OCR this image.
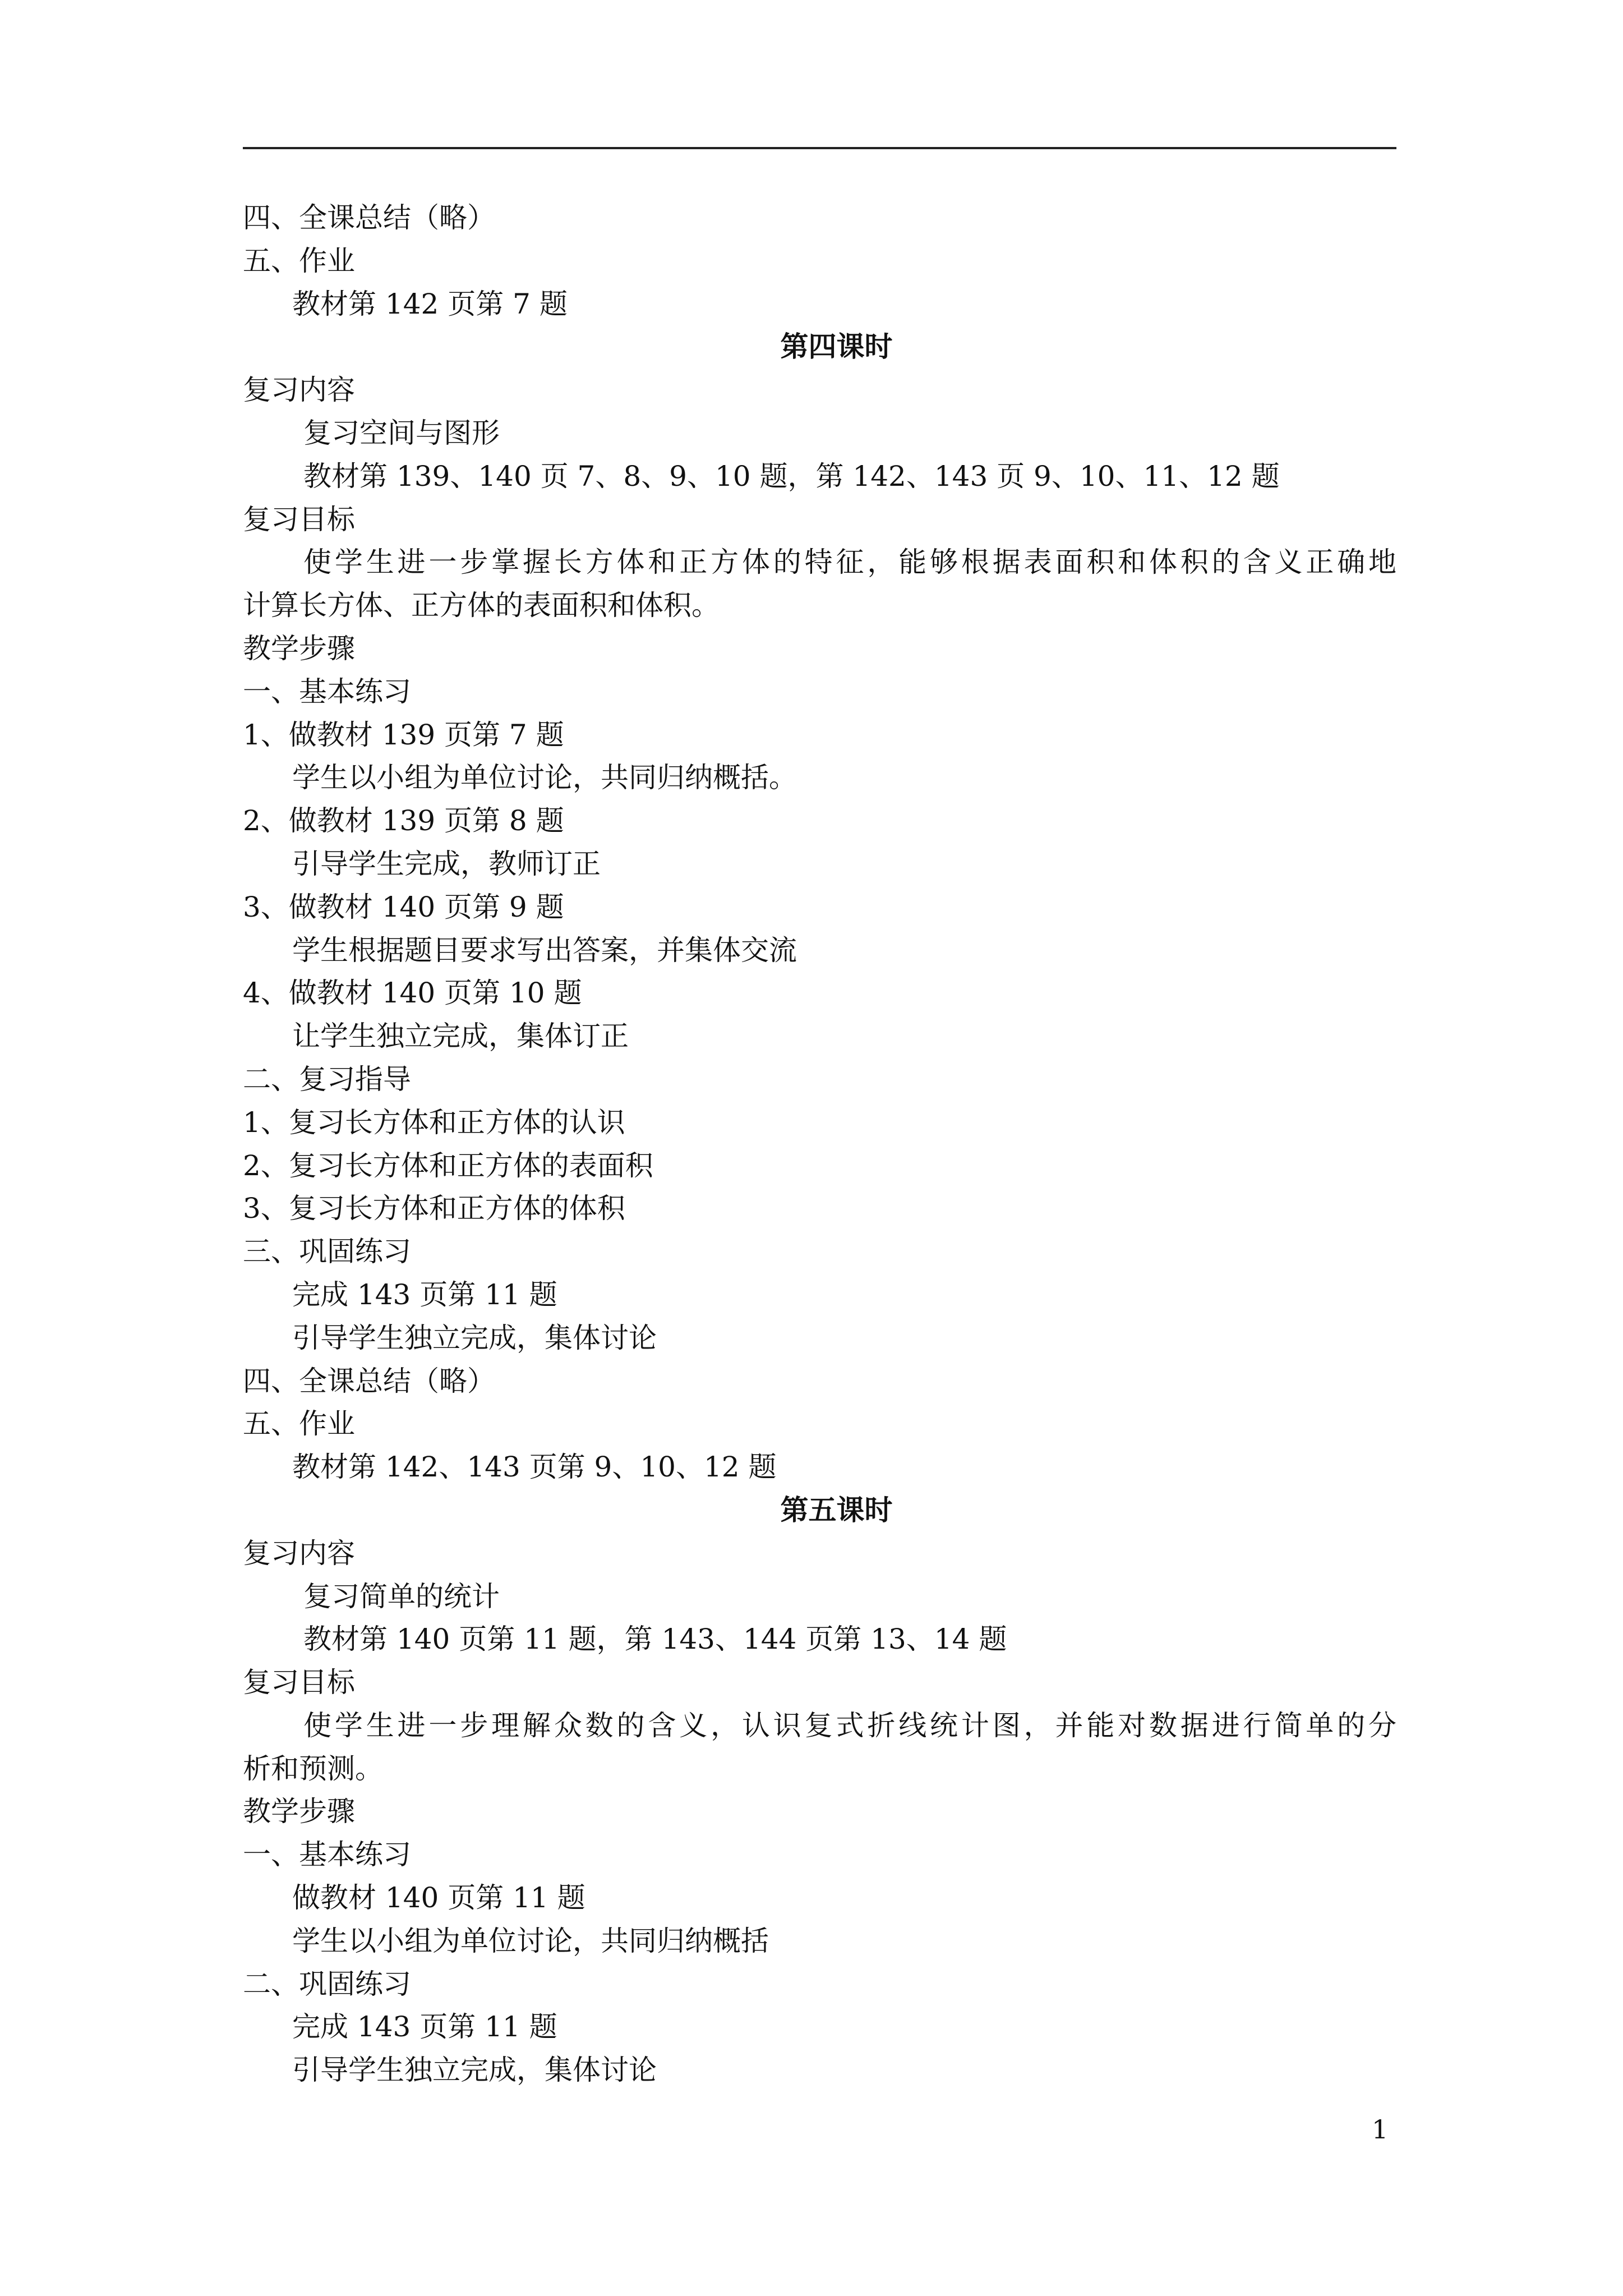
四、全课总结（略）
五、作业
教材第 142 页第 7 题
第四课时
复习内容
复习空间与图形
教材第 139、140 页 7、8、9、10 题，第 142、143 页 9、10、11、12 题
复习目标
使学生进一步掌握长方体和正方体的特征，能够根据表面积和体积的含义正确地
计算长方体、正方体的表面积和体积。
教学步骤
一、基本练习
1、做教材 139 页第 7 题
学生以小组为单位讨论，共同归纳概括。
2、做教材 139 页第 8 题
引导学生完成，教师订正
3、做教材 140 页第 9 题
学生根据题目要求写出答案，并集体交流
4、做教材 140 页第 10 题
让学生独立完成，集体订正
二、复习指导
1、复习长方体和正方体的认识
2、复习长方体和正方体的表面积
3、复习长方体和正方体的体积
三、巩固练习
完成 143 页第 11 题
引导学生独立完成，集体讨论
四、全课总结（略）
五、作业
教材第 142、143 页第 9、10、12 题
第五课时
复习内容
复习简单的统计
教材第 140 页第 11 题，第 143、144 页第 13、14 题
复习目标
使学生进一步理解众数的含义，认识复式折线统计图，并能对数据进行简单的分
析和预测。
教学步骤
一、基本练习
做教材 140 页第 11 题
学生以小组为单位讨论，共同归纳概括
二、巩固练习
完成 143 页第 11 题
引导学生独立完成，集体讨论
1
